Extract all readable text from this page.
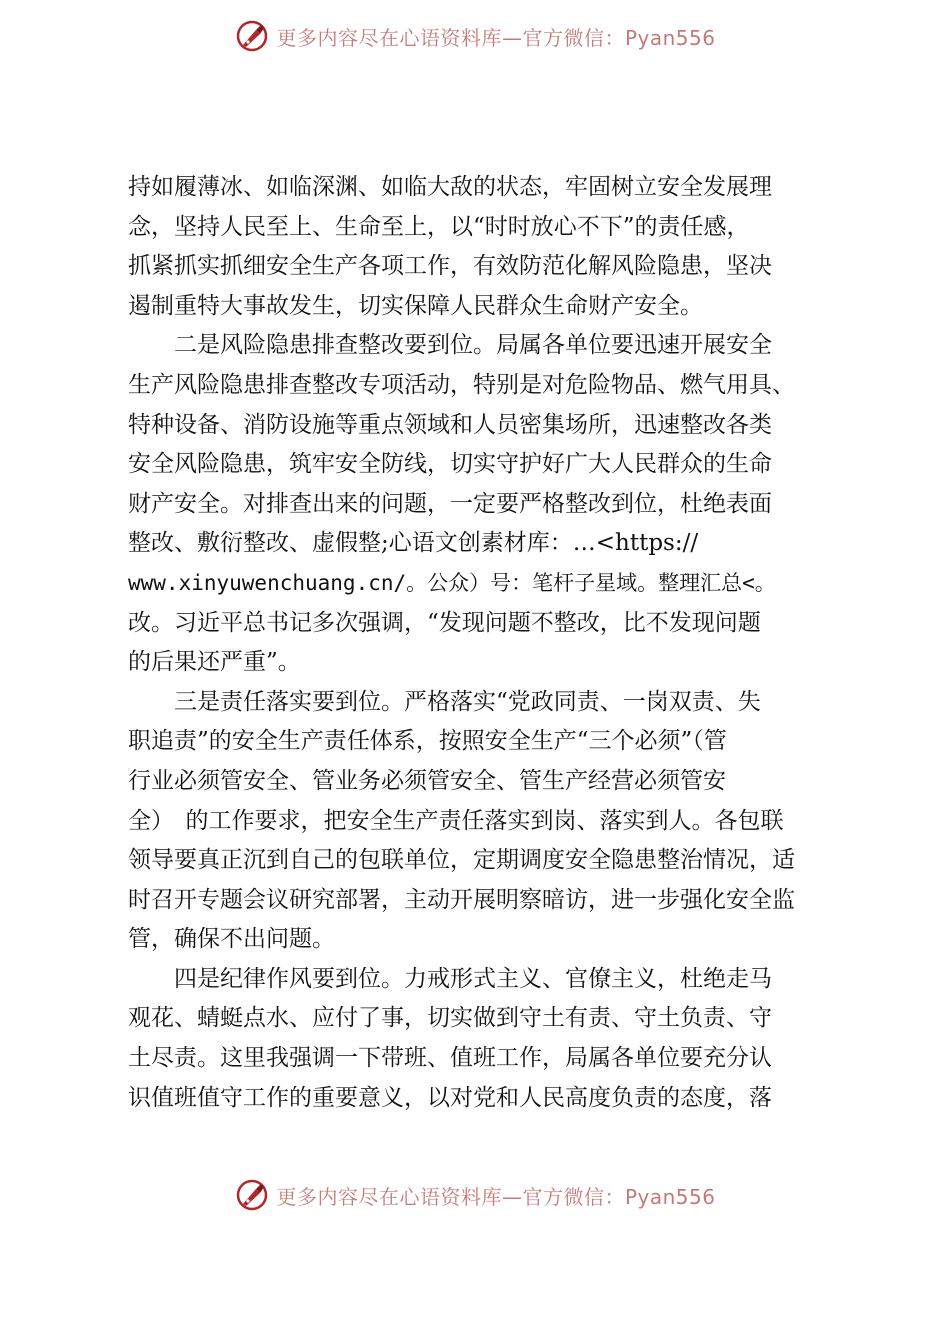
更多内容尽在心语资料库—官方微信：Pyan556

持如履薄冰、如临深渊、如临大敌的状态，牢固树立安全发展理
念，坚持人民至上、生命至上，以“时时放心不下”的责任感，
抓紧抓实抓细安全生产各项工作，有效防范化解风险隐患，坚决
遏制重特大事故发生，切实保障人民群众生命财产安全。

　　二是风险隐患排查整改要到位。局属各单位要迅速开展安全
生产风险隐患排查整改专项活动，特别是对危险物品、燃气用具、
特种设备、消防设施等重点领域和人员密集场所，迅速整改各类
安全风险隐患，筑牢安全防线，切实守护好广大人民群众的生命
财产安全。对排查出来的问题，一定要严格整改到位，杜绝表面
整改、敷衍整改、虚假整;心语文创素材库：…<https://
www.xinyuwenchuang.cn/。公众）号：笔杆子星域。整理汇总<。
改。习近平总书记多次强调，“发现问题不整改，比不发现问题
的后果还严重”。

　　三是责任落实要到位。严格落实“党政同责、一岗双责、失
职追责”的安全生产责任体系，按照安全生产“三个必须”（管
行业必须管安全、管业务必须管安全、管生产经营必须管安
全）　的工作要求，把安全生产责任落实到岗、落实到人。各包联
领导要真正沉到自己的包联单位，定期调度安全隐患整治情况，适
时召开专题会议研究部署，主动开展明察暗访，进一步强化安全监
管，确保不出问题。

　　四是纪律作风要到位。力戒形式主义、官僚主义，杜绝走马
观花、蜻蜓点水、应付了事，切实做到守土有责、守土负责、守
土尽责。这里我强调一下带班、值班工作，局属各单位要充分认
识值班值守工作的重要意义，以对党和人民高度负责的态度，落

更多内容尽在心语资料库—官方微信：Pyan556
